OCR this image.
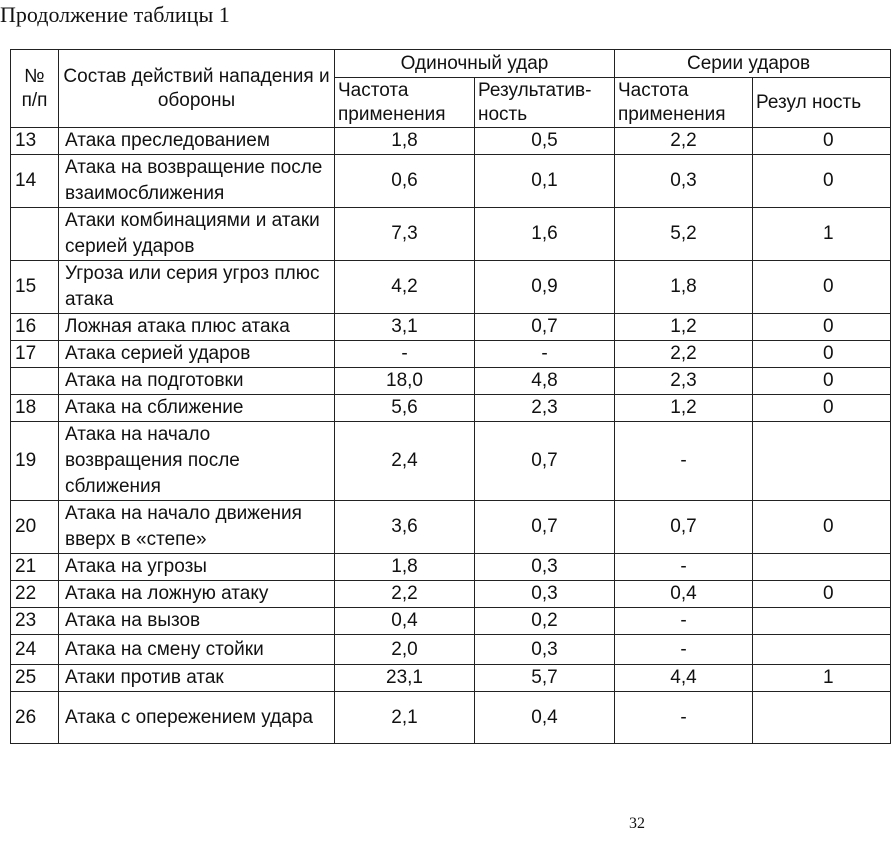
Продолжение таблицы 1
№ п/п	Состав действий нападения и обороны	Одиночный удар		Серии ударов	
		Частота применения	Результатив-ность	Частота применения	Резул ность
13	Атака преследованием	1,8	0,5	2,2	0
14	Атака на возвращение после взаимосближения	0,6	0,1	0,3	0
	Атаки комбинациями и атаки серией ударов	7,3	1,6	5,2	1
15	Угроза или серия угроз плюс атака	4,2	0,9	1,8	0
16	Ложная атака плюс атака	3,1	0,7	1,2	0
17	Атака серией ударов	-	-	2,2	0
	Атака на подготовки	18,0	4,8	2,3	0
18	Атака на сближение	5,6	2,3	1,2	0
19	Атака на начало возвращения после сближения	2,4	0,7	-	
20	Атака на начало движения вверх в «степе»	3,6	0,7	0,7	0
21	Атака на угрозы	1,8	0,3	-	
22	Атака на ложную атаку	2,2	0,3	0,4	0
23	Атака на вызов	0,4	0,2	-	
24	Атака на смену стойки	2,0	0,3	-	
25	Атаки против атак	23,1	5,7	4,4	1
26	Атака с опережением удара	2,1	0,4	-	
32
